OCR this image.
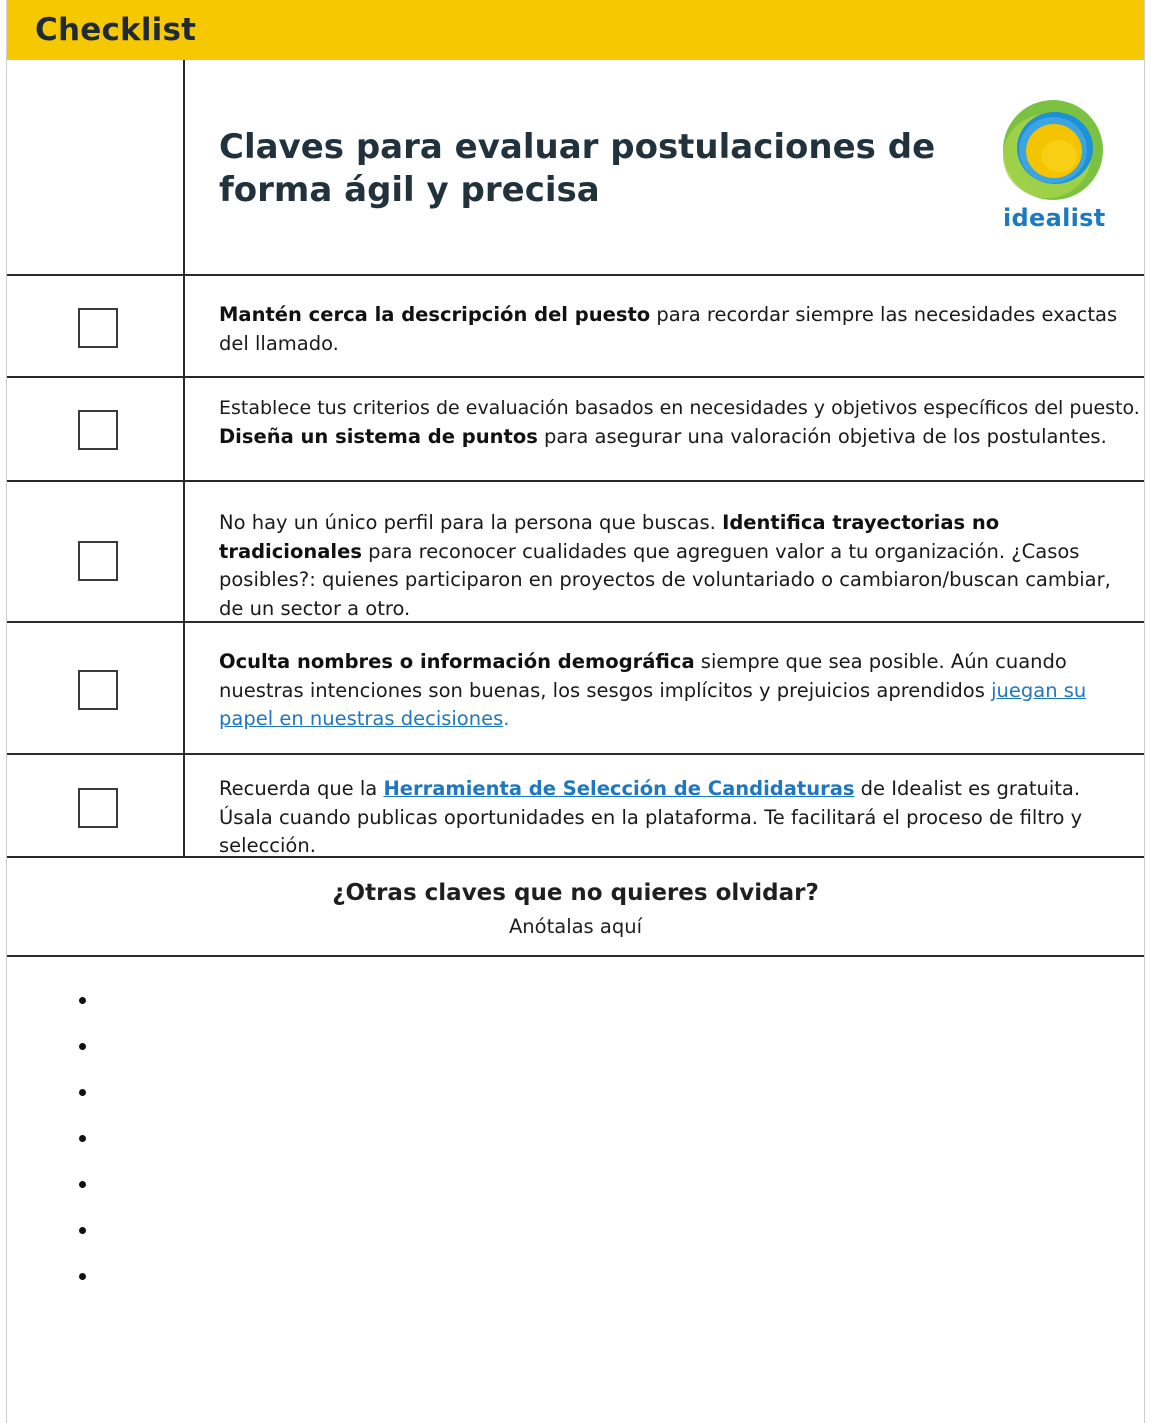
Checklist
Claves para evaluar postulaciones de
forma ágil y precisa
idealist
Mantén cerca la descripción del puesto para recordar siempre las necesidades exactas del llamado.
Establece tus criterios de evaluación basados en necesidades y objetivos específicos del puesto.
Diseña un sistema de puntos para asegurar una valoración objetiva de los postulantes.
No hay un único perfil para la persona que buscas. Identifica trayectorias no tradicionales para reconocer cualidades que agreguen valor a tu organización. ¿Casos posibles?: quienes participaron en proyectos de voluntariado o cambiaron/buscan cambiar, de un sector a otro.
Oculta nombres o información demográfica siempre que sea posible. Aún cuando nuestras intenciones son buenas, los sesgos implícitos y prejuicios aprendidos juegan su papel en nuestras decisiones.
Recuerda que la Herramienta de Selección de Candidaturas de Idealist es gratuita. Úsala cuando publicas oportunidades en la plataforma. Te facilitará el proceso de filtro y selección.
¿Otras claves que no quieres olvidar?
Anótalas aquí
